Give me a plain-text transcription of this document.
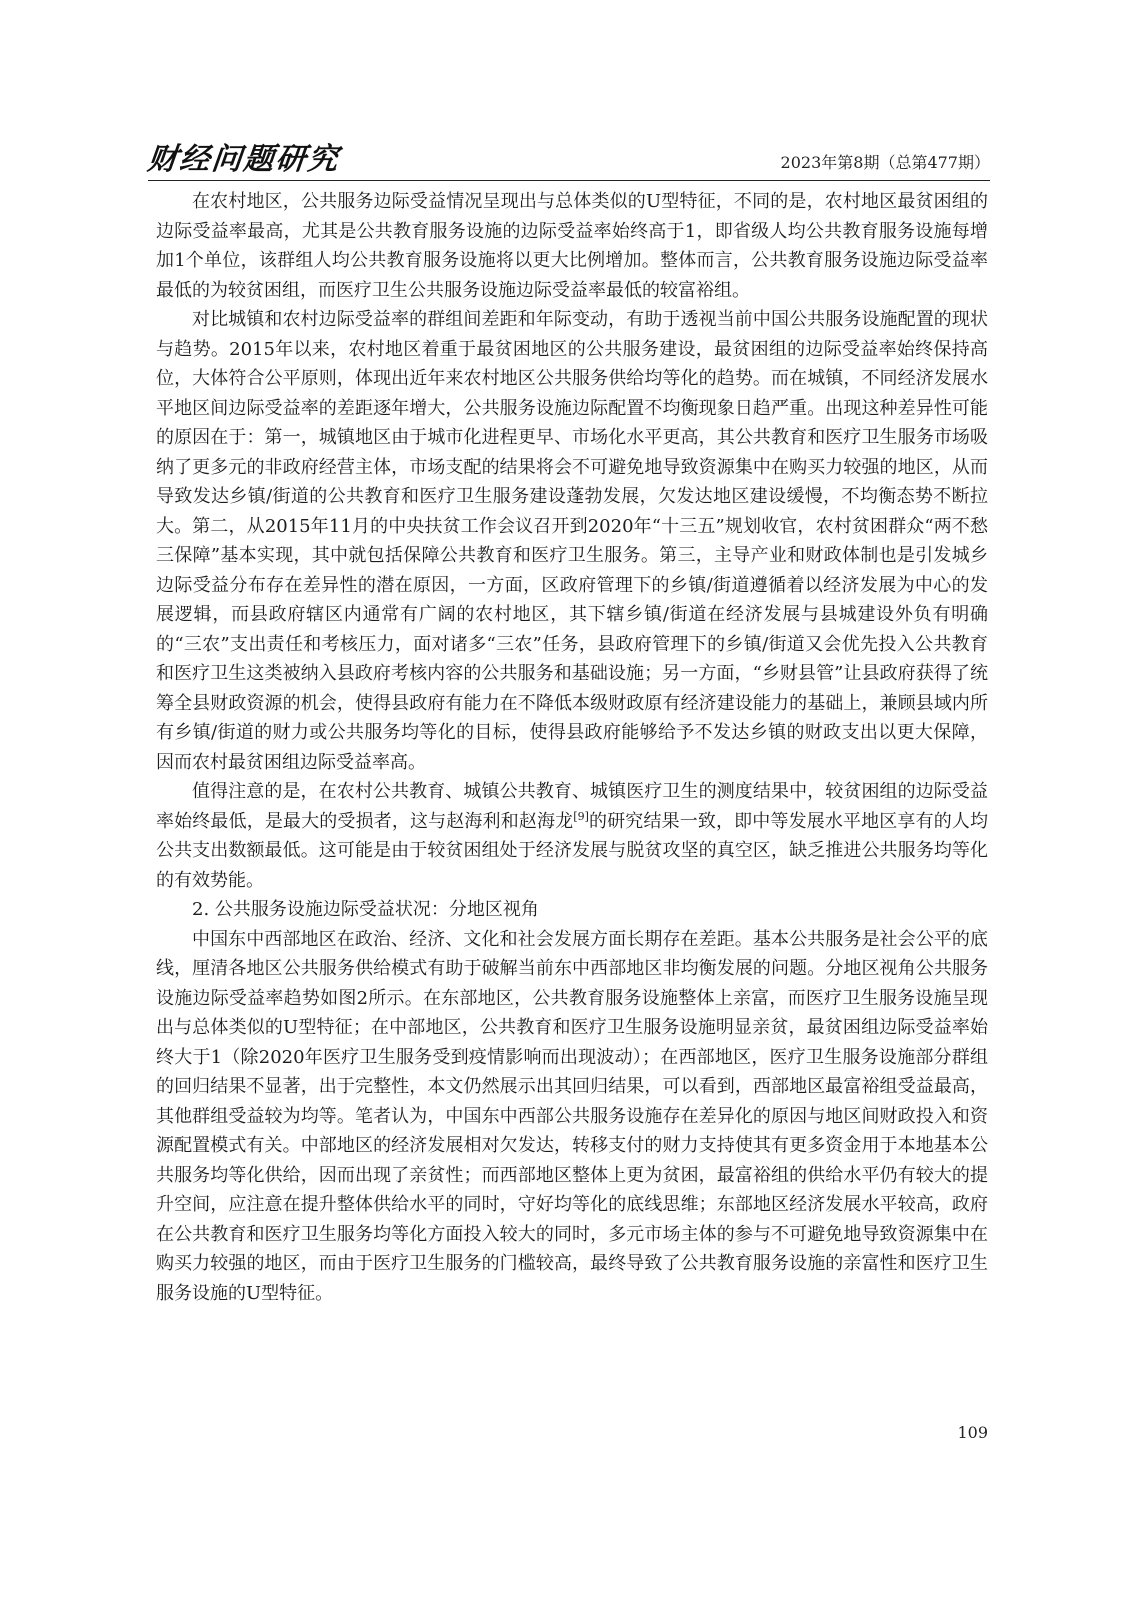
财经问题研究	2023年第8期（总第477期）

在农村地区，公共服务边际受益情况呈现出与总体类似的U型特征，不同的是，农村地区最贫困组的边际受益率最高，尤其是公共教育服务设施的边际受益率始终高于1，即省级人均公共教育服务设施每增加1个单位，该群组人均公共教育服务设施将以更大比例增加。整体而言，公共教育服务设施边际受益率最低的为较贫困组，而医疗卫生公共服务设施边际受益率最低的较富裕组。

对比城镇和农村边际受益率的群组间差距和年际变动，有助于透视当前中国公共服务设施配置的现状与趋势。2015年以来，农村地区着重于最贫困地区的公共服务建设，最贫困组的边际受益率始终保持高位，大体符合公平原则，体现出近年来农村地区公共服务供给均等化的趋势。而在城镇，不同经济发展水平地区间边际受益率的差距逐年增大，公共服务设施边际配置不均衡现象日趋严重。出现这种差异性可能的原因在于：第一，城镇地区由于城市化进程更早、市场化水平更高，其公共教育和医疗卫生服务市场吸纳了更多元的非政府经营主体，市场支配的结果将会不可避免地导致资源集中在购买力较强的地区，从而导致发达乡镇/街道的公共教育和医疗卫生服务建设蓬勃发展，欠发达地区建设缓慢，不均衡态势不断拉大。第二，从2015年11月的中央扶贫工作会议召开到2020年“十三五”规划收官，农村贫困群众“两不愁三保障”基本实现，其中就包括保障公共教育和医疗卫生服务。第三，主导产业和财政体制也是引发城乡边际受益分布存在差异性的潜在原因，一方面，区政府管理下的乡镇/街道遵循着以经济发展为中心的发展逻辑，而县政府辖区内通常有广阔的农村地区，其下辖乡镇/街道在经济发展与县城建设外负有明确的“三农”支出责任和考核压力，面对诸多“三农”任务，县政府管理下的乡镇/街道又会优先投入公共教育和医疗卫生这类被纳入县政府考核内容的公共服务和基础设施；另一方面，“乡财县管”让县政府获得了统筹全县财政资源的机会，使得县政府有能力在不降低本级财政原有经济建设能力的基础上，兼顾县域内所有乡镇/街道的财力或公共服务均等化的目标，使得县政府能够给予不发达乡镇的财政支出以更大保障，因而农村最贫困组边际受益率高。

值得注意的是，在农村公共教育、城镇公共教育、城镇医疗卫生的测度结果中，较贫困组的边际受益率始终最低，是最大的受损者，这与赵海利和赵海龙[9]的研究结果一致，即中等发展水平地区享有的人均公共支出数额最低。这可能是由于较贫困组处于经济发展与脱贫攻坚的真空区，缺乏推进公共服务均等化的有效势能。

2. 公共服务设施边际受益状况：分地区视角

中国东中西部地区在政治、经济、文化和社会发展方面长期存在差距。基本公共服务是社会公平的底线，厘清各地区公共服务供给模式有助于破解当前东中西部地区非均衡发展的问题。分地区视角公共服务设施边际受益率趋势如图2所示。在东部地区，公共教育服务设施整体上亲富，而医疗卫生服务设施呈现出与总体类似的U型特征；在中部地区，公共教育和医疗卫生服务设施明显亲贫，最贫困组边际受益率始终大于1（除2020年医疗卫生服务受到疫情影响而出现波动）；在西部地区，医疗卫生服务设施部分群组的回归结果不显著，出于完整性，本文仍然展示出其回归结果，可以看到，西部地区最富裕组受益最高，其他群组受益较为均等。笔者认为，中国东中西部公共服务设施存在差异化的原因与地区间财政投入和资源配置模式有关。中部地区的经济发展相对欠发达，转移支付的财力支持使其有更多资金用于本地基本公共服务均等化供给，因而出现了亲贫性；而西部地区整体上更为贫困，最富裕组的供给水平仍有较大的提升空间，应注意在提升整体供给水平的同时，守好均等化的底线思维；东部地区经济发展水平较高，政府在公共教育和医疗卫生服务均等化方面投入较大的同时，多元市场主体的参与不可避免地导致资源集中在购买力较强的地区，而由于医疗卫生服务的门槛较高，最终导致了公共教育服务设施的亲富性和医疗卫生服务设施的U型特征。

109
